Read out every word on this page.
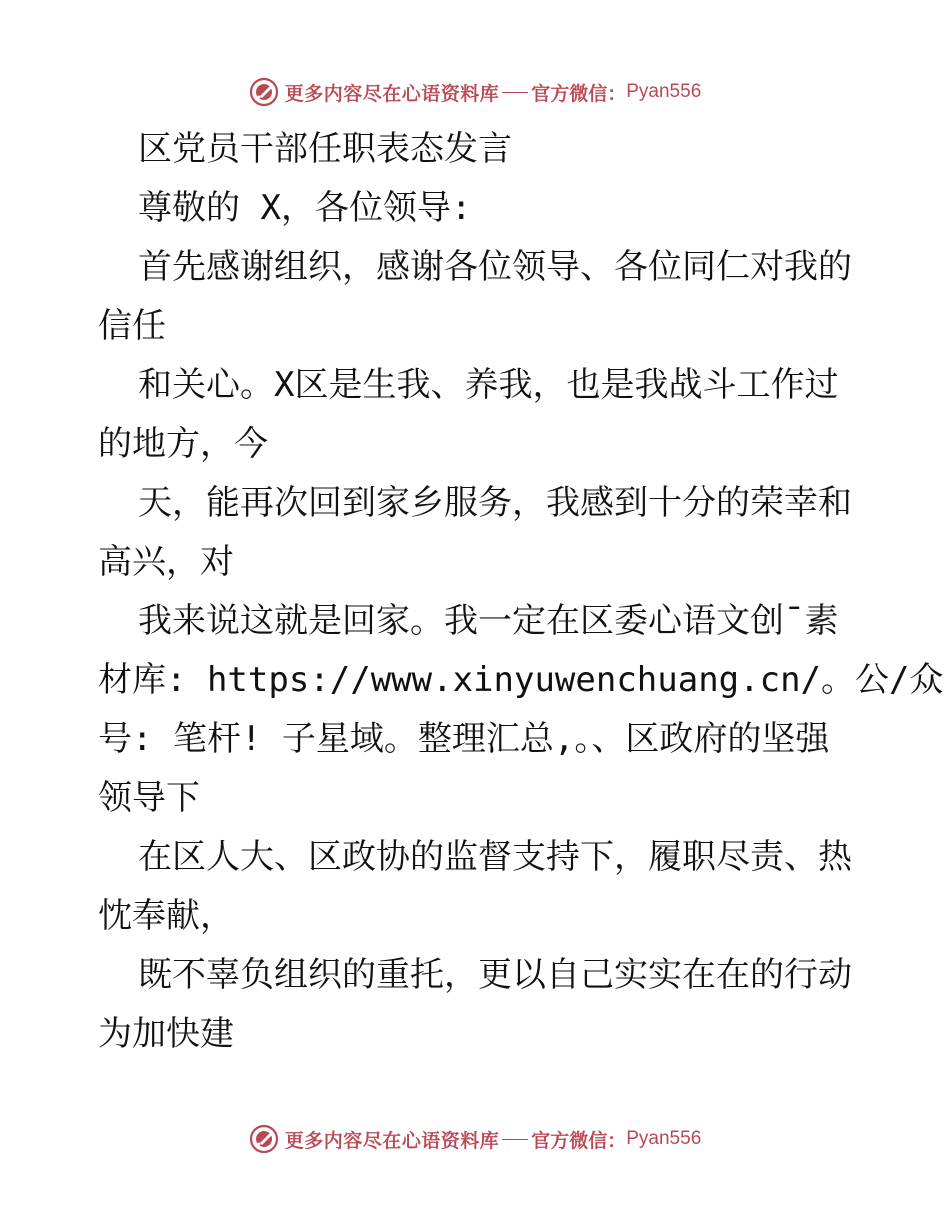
更多内容尽在心语资料库 官方微信： Pyan556
区党员干部任职表态发言
尊敬的 X，各位领导:
首先感谢组织，感谢各位领导、各位同仁对我的
信任
和关心。X区是生我、养我，也是我战斗工作过
的地方，今
天，能再次回到家乡服务，我感到十分的荣幸和
高兴，对
我来说这就是回家。我一定在区委心语文创¯素
材库: https://www.xinyuwenchuang.cn/。公/众
号: 笔杆! 子星域。整理汇总,。、区政府的坚强
领导下
在区人大、区政协的监督支持下，履职尽责、热
忱奉献，
既不辜负组织的重托，更以自己实实在在的行动
为加快建
更多内容尽在心语资料库 官方微信： Pyan556
